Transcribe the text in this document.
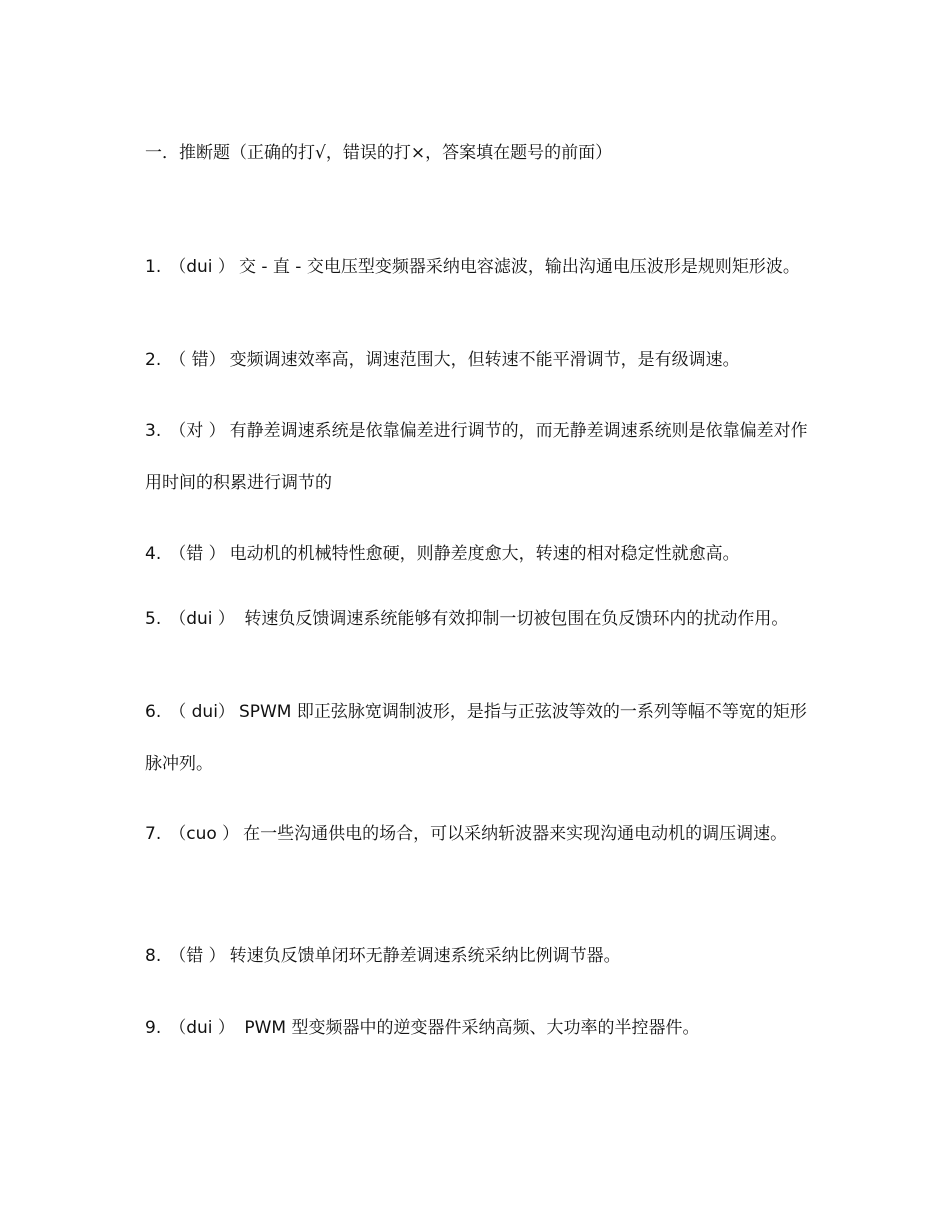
一．推断题（正确的打√，错误的打×，答案填在题号的前面）
1. （dui ） 交 - 直 - 交电压型变频器采纳电容滤波，输出沟通电压波形是规则矩形波。
2. （ 错） 变频调速效率高，调速范围大，但转速不能平滑调节，是有级调速。
3. （对 ） 有静差调速系统是依靠偏差进行调节的，而无静差调速系统则是依靠偏差对作用时间的积累进行调节的
4. （错 ） 电动机的机械特性愈硬，则静差度愈大，转速的相对稳定性就愈高。
5. （dui ） 转速负反馈调速系统能够有效抑制一切被包围在负反馈环内的扰动作用。
6. （ dui） SPWM 即正弦脉宽调制波形，是指与正弦波等效的一系列等幅不等宽的矩形脉冲列。
7. （cuo ） 在一些沟通供电的场合，可以采纳斩波器来实现沟通电动机的调压调速。
8. （错 ） 转速负反馈单闭环无静差调速系统采纳比例调节器。
9. （dui ） PWM 型变频器中的逆变器件采纳高频、大功率的半控器件。
